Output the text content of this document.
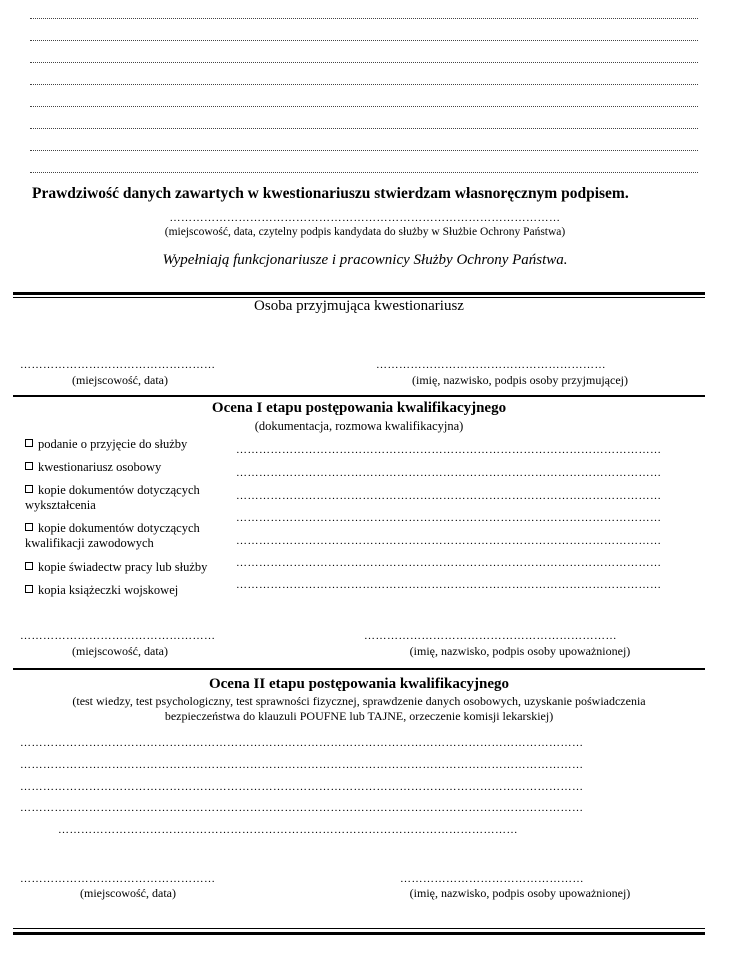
Prawdziwość danych zawartych w kwestionariuszu stwierdzam własnoręcznym podpisem.
…………………………………………………………………………………………
(miejscowość, data, czytelny podpis kandydata do służby w Służbie Ochrony Państwa)
Wypełniają funkcjonariusze i pracownicy Służby Ochrony Państwa.
Osoba przyjmująca kwestionariusz
……………………………………………	……………………………………………………
(miejscowość, data)	(imię, nazwisko, podpis osoby przyjmującej)
Ocena I etapu postępowania kwalifikacyjnego
(dokumentacja, rozmowa kwalifikacyjna)
podanie o przyjęcie do służby
kwestionariusz osobowy
kopie dokumentów dotyczących
wykształcenia
kopie dokumentów dotyczących
kwalifikacji zawodowych
kopie świadectw pracy lub służby
kopia książeczki wojskowej
…………………………………………………………………………………………………
…………………………………………………………………………………………………
…………………………………………………………………………………………………
…………………………………………………………………………………………………
…………………………………………………………………………………………………
…………………………………………………………………………………………………
…………………………………………………………………………………………………
……………………………………………	…………………………………………………………
(miejscowość, data)	(imię, nazwisko, podpis osoby upoważnionej)
Ocena II etapu postępowania kwalifikacyjnego
(test wiedzy, test psychologiczny, test sprawności fizycznej, sprawdzenie danych osobowych, uzyskanie poświadczenia
bezpieczeństwa do klauzuli POUFNE lub TAJNE, orzeczenie komisji lekarskiej)
…………………………………………………………………………………………………………………………………
…………………………………………………………………………………………………………………………………
…………………………………………………………………………………………………………………………………
…………………………………………………………………………………………………………………………………
…………………………………………………………………………………………………………
……………………………………………	…………………………………………
(miejscowość, data)	(imię, nazwisko, podpis osoby upoważnionej)
